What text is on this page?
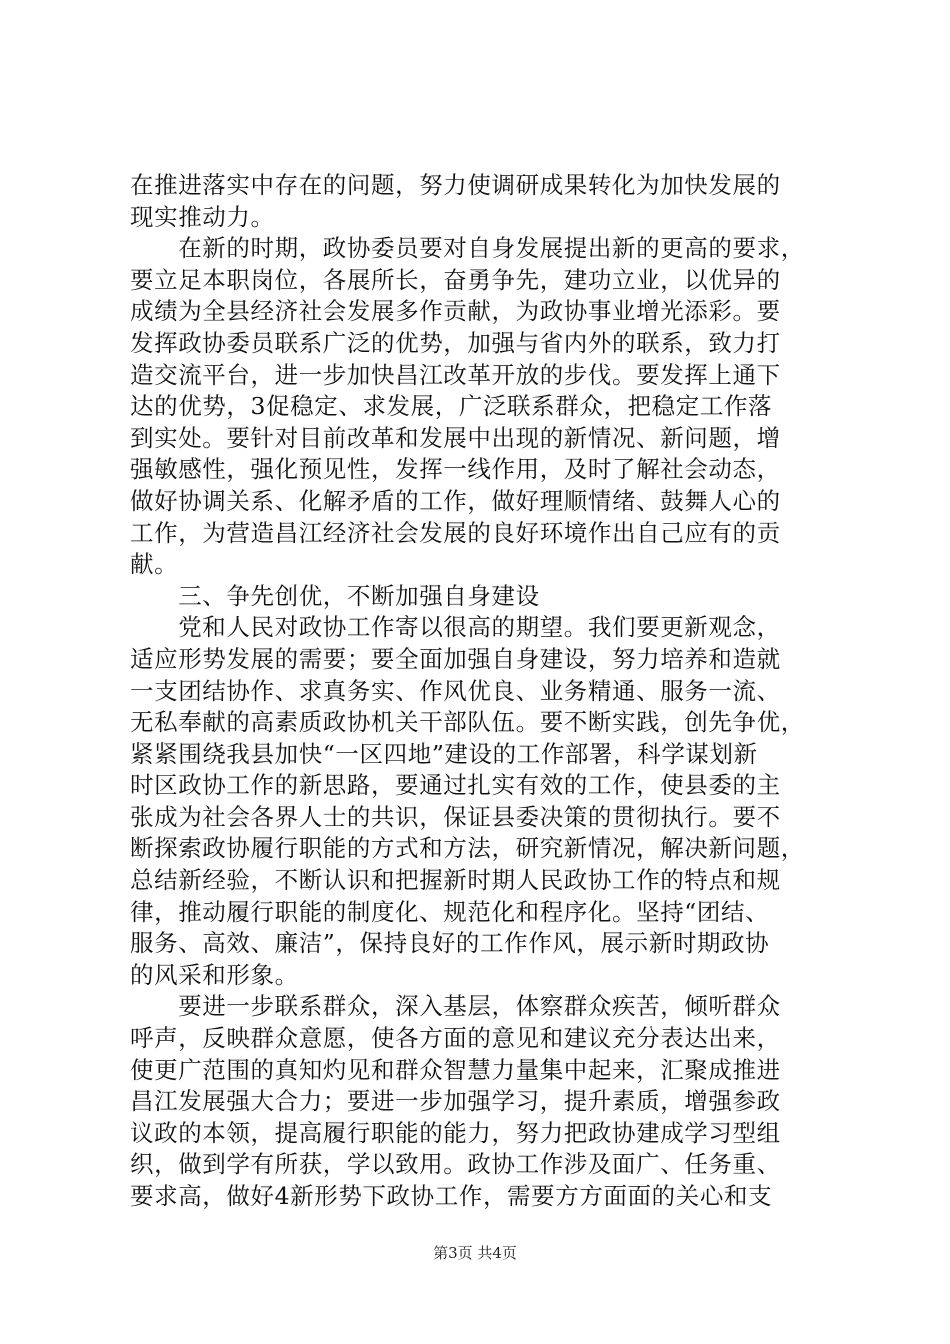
在推进落实中存在的问题，努力使调研成果转化为加快发展的
现实推动力。
　　在新的时期，政协委员要对自身发展提出新的更高的要求，
要立足本职岗位，各展所长，奋勇争先，建功立业，以优异的
成绩为全县经济社会发展多作贡献，为政协事业增光添彩。要
发挥政协委员联系广泛的优势，加强与省内外的联系，致力打
造交流平台，进一步加快昌江改革开放的步伐。要发挥上通下
达的优势，3促稳定、求发展，广泛联系群众，把稳定工作落
到实处。要针对目前改革和发展中出现的新情况、新问题，增
强敏感性，强化预见性，发挥一线作用，及时了解社会动态，
做好协调关系、化解矛盾的工作，做好理顺情绪、鼓舞人心的
工作，为营造昌江经济社会发展的良好环境作出自己应有的贡
献。
　　三、争先创优，不断加强自身建设
　　党和人民对政协工作寄以很高的期望。我们要更新观念，
适应形势发展的需要；要全面加强自身建设，努力培养和造就
一支团结协作、求真务实、作风优良、业务精通、服务一流、
无私奉献的高素质政协机关干部队伍。要不断实践，创先争优，
紧紧围绕我县加快“一区四地”建设的工作部署，科学谋划新
时区政协工作的新思路，要通过扎实有效的工作，使县委的主
张成为社会各界人士的共识，保证县委决策的贯彻执行。要不
断探索政协履行职能的方式和方法，研究新情况，解决新问题，
总结新经验，不断认识和把握新时期人民政协工作的特点和规
律，推动履行职能的制度化、规范化和程序化。坚持“团结、
服务、高效、廉洁”，保持良好的工作作风，展示新时期政协
的风采和形象。
　　要进一步联系群众，深入基层，体察群众疾苦，倾听群众
呼声，反映群众意愿，使各方面的意见和建议充分表达出来，
使更广范围的真知灼见和群众智慧力量集中起来，汇聚成推进
昌江发展强大合力；要进一步加强学习，提升素质，增强参政
议政的本领，提高履行职能的能力，努力把政协建成学习型组
织，做到学有所获，学以致用。政协工作涉及面广、任务重、
要求高，做好4新形势下政协工作，需要方方面面的关心和支
第3页 共4页
